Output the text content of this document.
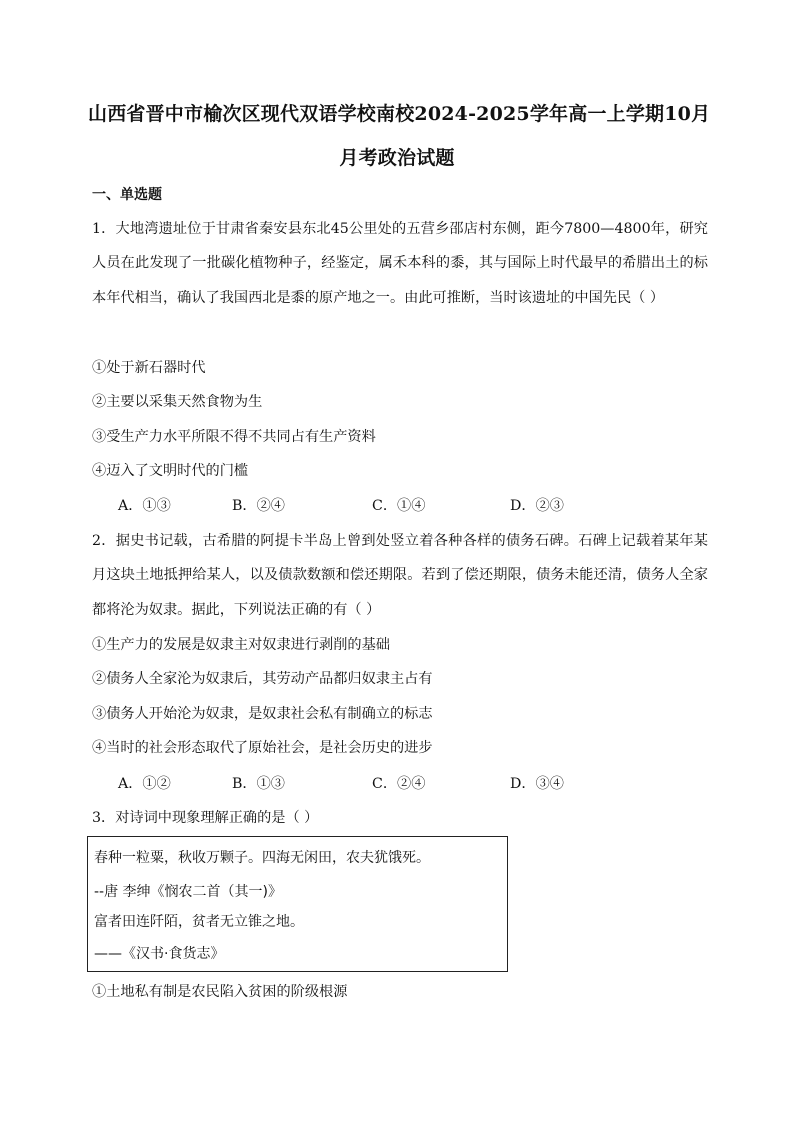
山西省晋中市榆次区现代双语学校南校2024-2025学年高一上学期10月
月考政治试题
一、单选题
1．大地湾遗址位于甘肃省秦安县东北45公里处的五营乡邵店村东侧，距今7800—4800年，研究人员在此发现了一批碳化植物种子，经鉴定，属禾本科的黍，其与国际上时代最早的希腊出土的标本年代相当，确认了我国西北是黍的原产地之一。由此可推断，当时该遗址的中国先民（ ）
①处于新石器时代
②主要以采集天然食物为生
③受生产力水平所限不得不共同占有生产资料
④迈入了文明时代的门槛
A．①③	B．②④	C．①④	D．②③
2．据史书记载，古希腊的阿提卡半岛上曾到处竖立着各种各样的债务石碑。石碑上记载着某年某月这块土地抵押给某人，以及债款数额和偿还期限。若到了偿还期限，债务未能还清，债务人全家都将沦为奴隶。据此，下列说法正确的有（ ）
①生产力的发展是奴隶主对奴隶进行剥削的基础
②债务人全家沦为奴隶后，其劳动产品都归奴隶主占有
③债务人开始沦为奴隶，是奴隶社会私有制确立的标志
④当时的社会形态取代了原始社会，是社会历史的进步
A．①②	B．①③	C．②④	D．③④
3．对诗词中现象理解正确的是（ ）
春种一粒粟，秋收万颗子。四海无闲田，农夫犹饿死。
--唐 李绅《悯农二首（其一)》
富者田连阡陌，贫者无立锥之地。
——《汉书·食货志》
①土地私有制是农民陷入贫困的阶级根源
